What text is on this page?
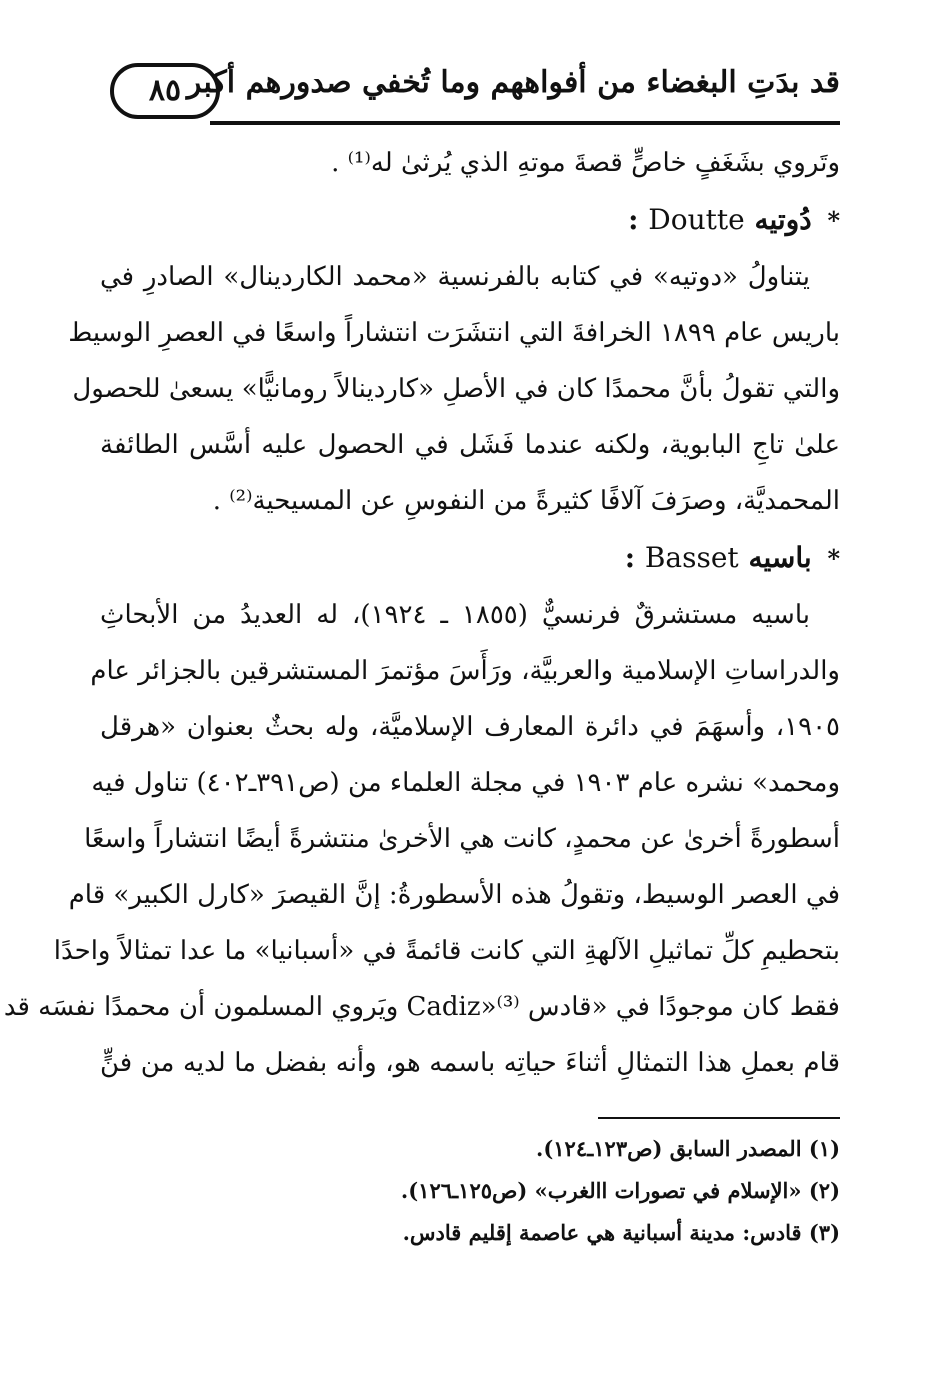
٨٥ قد بدَتِ البغضاء من أفواههم وما تُخفي صدورهم أكبر
وتَروي بشَغَفٍ خاصٍّ قصةَ موتهِ الذي يُرثىٰ له⁽¹⁾ .
* دُوتيه Doutte :
يتناولُ «دوتيه» في كتابه بالفرنسية «محمد الكاردينال» الصادرِ في
باريس عام ١٨٩٩ الخرافةَ التي انتشَرَت انتشاراً واسعًا في العصرِ الوسيط
والتي تقولُ بأنَّ محمدًا كان في الأصلِ «كاردينالاً رومانيًّا» يسعىٰ للحصول
علىٰ تاجِ البابوية، ولكنه عندما فَشَل في الحصول عليه أسَّس الطائفة
المحمديَّة، وصرَفَ آلافًا كثيرةً من النفوسِ عن المسيحية⁽²⁾ .
* باسيه Basset :
باسيه مستشرقٌ فرنسيٌّ (١٨٥٥ ـ ١٩٢٤)، له العديدُ من الأبحاثِ
والدراساتِ الإسلامية والعربيَّة، ورَأَسَ مؤتمرَ المستشرقين بالجزائر عام
١٩٠٥، وأسهَمَ في دائرة المعارف الإسلاميَّة، وله بحثٌ بعنوان «هرقل
ومحمد» نشره عام ١٩٠٣ في مجلة العلماء من (ص٣٩١ـ٤٠٢) تناول فيه
أسطورةً أخرىٰ عن محمدٍ، كانت هي الأخرىٰ منتشرةً أيضًا انتشاراً واسعًا
في العصر الوسيط، وتقولُ هذه الأسطورةُ: إنَّ القيصرَ «كارل الكبير» قام
بتحطيمِ كلِّ تماثيلِ الآلهةِ التي كانت قائمةً في «أسبانيا» ما عدا تمثالاً واحدًا
فقط كان موجودًا في «قادس Cadiz»⁽³⁾ ويَروي المسلمون أن محمدًا نفسَه قد
قام بعملِ هذا التمثالِ أثناءَ حياتِه باسمه هو، وأنه بفضل ما لديه من فنٍّ
(١) المصدر السابق (ص١٢٣ـ١٢٤).
(٢) «الإسلام في تصورات االغرب» (ص١٢٥ـ١٢٦).
(٣) قادس: مدينة أسبانية هي عاصمة إقليم قادس.
